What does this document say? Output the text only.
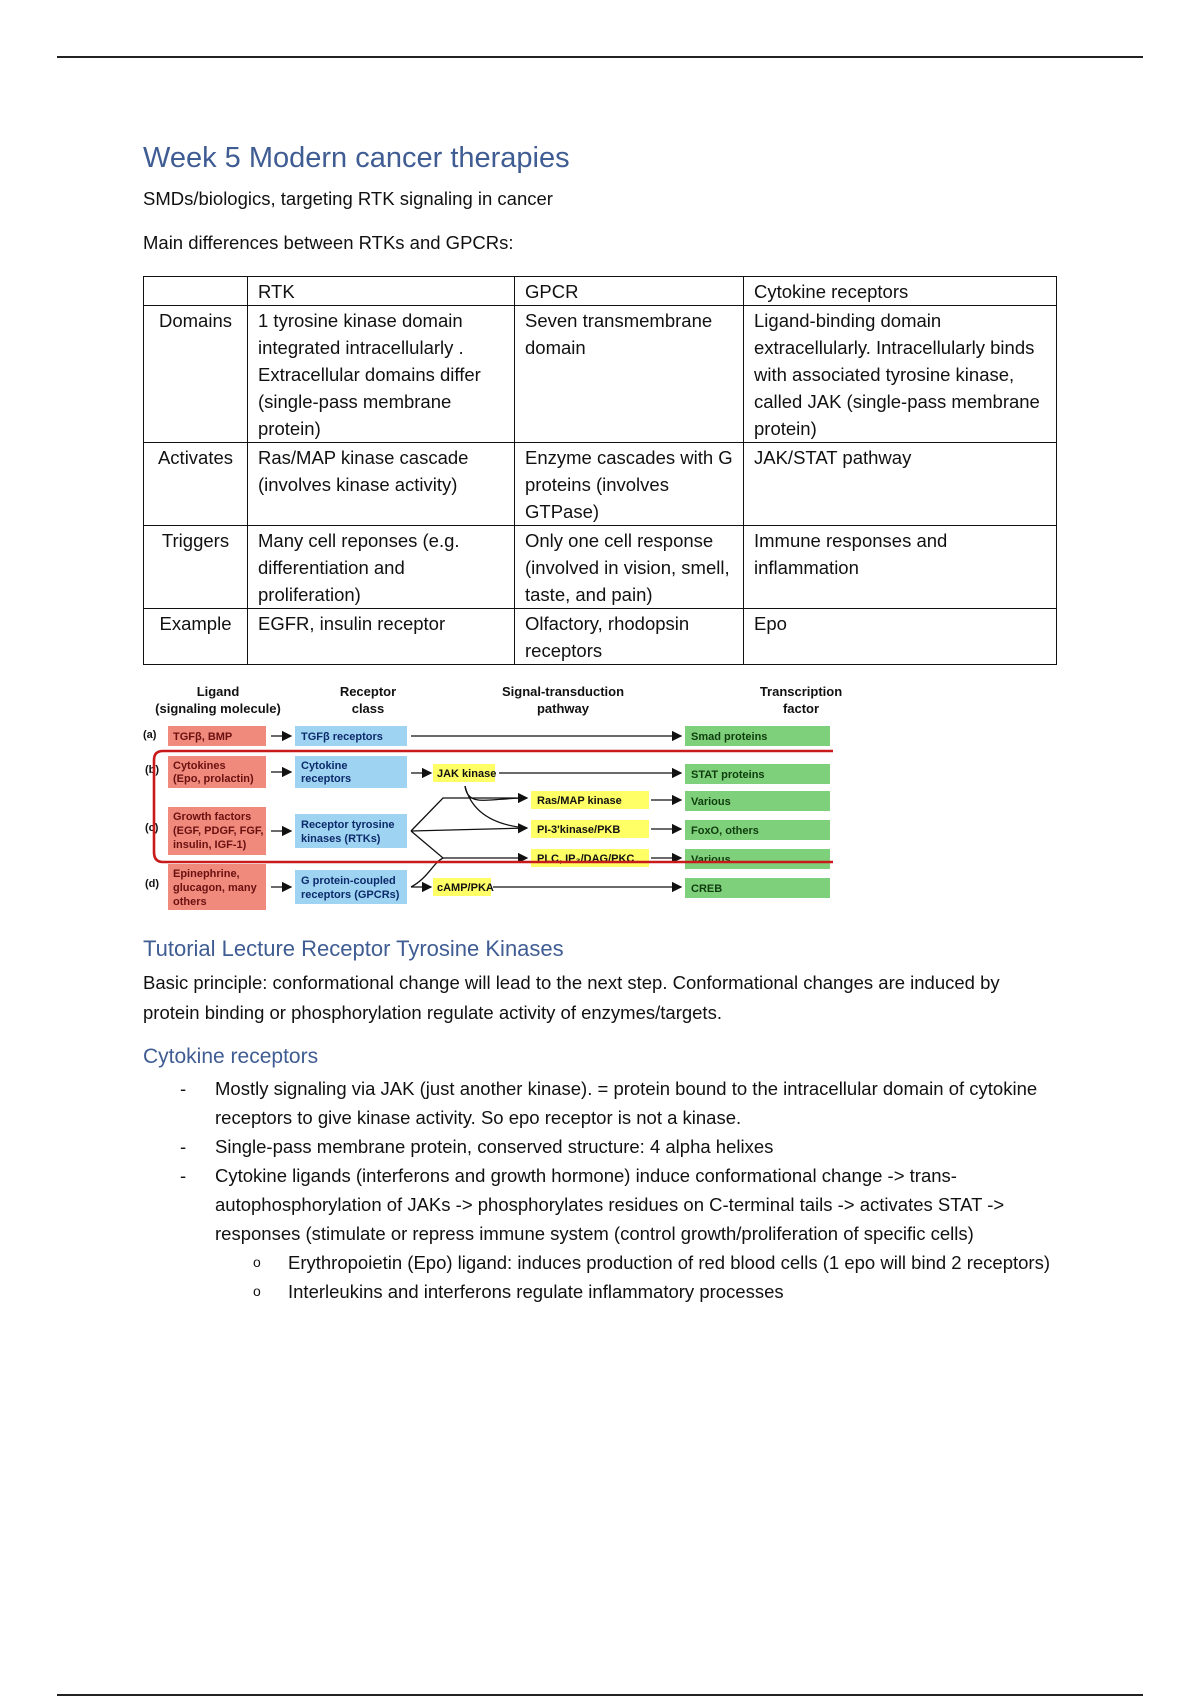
Week 5 Modern cancer therapies
SMDs/biologics, targeting RTK signaling in cancer
Main differences between RTKs and GPCRs:
	RTK	GPCR	Cytokine receptors
Domains	1 tyrosine kinase domain integrated intracellularly . Extracellular domains differ (single-pass membrane protein)	Seven transmembrane domain	Ligand-binding domain extracellularly. Intracellularly binds with associated tyrosine kinase, called JAK (single-pass membrane protein)
Activates	Ras/MAP kinase cascade (involves kinase activity)	Enzyme cascades with G proteins (involves GTPase)	JAK/STAT pathway
Triggers	Many cell reponses (e.g. differentiation and proliferation)	Only one cell response (involved in vision, smell, taste, and pain)	Immune responses and inflammation
Example	EGFR, insulin receptor	Olfactory, rhodopsin receptors	Epo
Ligand
(signaling molecule)
Receptor
class
Signal-transduction
pathway
Transcription
factor
(a)
(b)
(c)
(d)
TGFβ, BMP
Cytokines
(Epo, prolactin)
Growth factors
(EGF, PDGF, FGF,
insulin, IGF-1)
Epinephrine,
glucagon, many
others
TGFβ receptors
Cytokine
receptors
Receptor tyrosine
kinases (RTKs)
G protein-coupled
receptors (GPCRs)
JAK kinase
Ras/MAP kinase
PI-3'kinase/PKB
PLC, IP₃/DAG/PKC
cAMP/PKA
Smad proteins
STAT proteins
Various
FoxO, others
Various
CREB
Tutorial Lecture Receptor Tyrosine Kinases
Basic principle: conformational change will lead to the next step. Conformational changes are induced by protein binding or phosphorylation regulate activity of enzymes/targets.
Cytokine receptors
- Mostly signaling via JAK (just another kinase). = protein bound to the intracellular domain of cytokine receptors to give kinase activity. So epo receptor is not a kinase.
- Single-pass membrane protein, conserved structure: 4 alpha helixes
- Cytokine ligands (interferons and growth hormone) induce conformational change -> trans-autophosphorylation of JAKs -> phosphorylates residues on C-terminal tails -> activates STAT -> responses (stimulate or repress immune system (control growth/proliferation of specific cells)
o Erythropoietin (Epo) ligand: induces production of red blood cells (1 epo will bind 2 receptors)
o Interleukins and interferons regulate inflammatory processes
